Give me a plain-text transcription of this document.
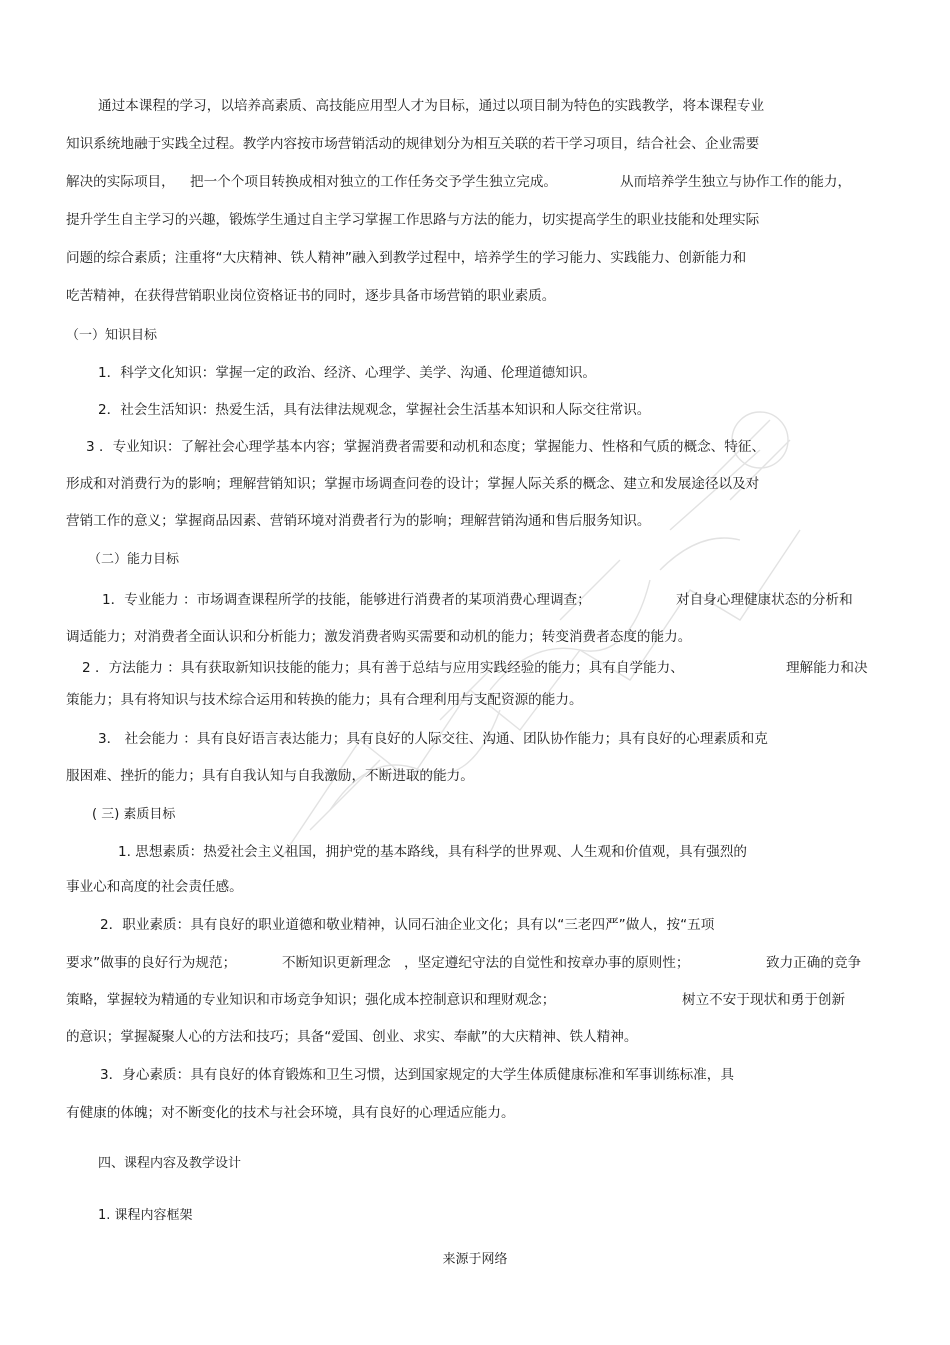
通过本课程的学习，以培养高素质、高技能应用型人才为目标，通过以项目制为特色的实践教学，将本课程专业
知识系统地融于实践全过程。教学内容按市场营销活动的规律划分为相互关联的若干学习项目，结合社会、企业需要
解决的实际项目， 把一个个项目转换成相对独立的工作任务交予学生独立完成。	从而培养学生独立与协作工作的能力，
提升学生自主学习的兴趣，锻炼学生通过自主学习掌握工作思路与方法的能力，切实提高学生的职业技能和处理实际
问题的综合素质；注重将“大庆精神、铁人精神”融入到教学过程中，培养学生的学习能力、实践能力、创新能力和
吃苦精神，在获得营销职业岗位资格证书的同时，逐步具备市场营销的职业素质。
（一）知识目标
1．科学文化知识：掌握一定的政治、经济、心理学、美学、沟通、伦理道德知识。
2．社会生活知识：热爱生活，具有法律法规观念，掌握社会生活基本知识和人际交往常识。
3 ．专业知识：了解社会心理学基本内容；掌握消费者需要和动机和态度；掌握能力、性格和气质的概念、特征、
形成和对消费行为的影响；理解营销知识；掌握市场调查问卷的设计；掌握人际关系的概念、建立和发展途径以及对
营销工作的意义；掌握商品因素、营销环境对消费者行为的影响；理解营销沟通和售后服务知识。
（二）能力目标
1．专业能力 ：市场调查课程所学的技能，能够进行消费者的某项消费心理调查；	对自身心理健康状态的分析和
调适能力；对消费者全面认识和分析能力；激发消费者购买需要和动机的能力；转变消费者态度的能力。
2 ．方法能力 ：具有获取新知识技能的能力；具有善于总结与应用实践经验的能力；具有自学能力、	理解能力和决
策能力；具有将知识与技术综合运用和转换的能力；具有合理利用与支配资源的能力。
3． 社会能力 ：具有良好语言表达能力；具有良好的人际交往、沟通、团队协作能力；具有良好的心理素质和克
服困难、挫折的能力；具有自我认知与自我激励，不断进取的能力。
( 三) 素质目标
1. 思想素质：热爱社会主义祖国，拥护党的基本路线，具有科学的世界观、人生观和价值观，具有强烈的
事业心和高度的社会责任感。
2．职业素质：具有良好的职业道德和敬业精神，认同石油企业文化；具有以“三老四严”做人，按“五项
要求”做事的良好行为规范；	不断知识更新理念 ，坚定遵纪守法的自觉性和按章办事的原则性；	致力正确的竞争
策略，掌握较为精通的专业知识和市场竞争知识；强化成本控制意识和理财观念；	树立不安于现状和勇于创新
的意识；掌握凝聚人心的方法和技巧；具备“爱国、创业、求实、奉献”的大庆精神、铁人精神。
3．身心素质：具有良好的体育锻炼和卫生习惯，达到国家规定的大学生体质健康标准和军事训练标准，具
有健康的体魄；对不断变化的技术与社会环境，具有良好的心理适应能力。
四、课程内容及教学设计
1. 课程内容框架
来源于网络
